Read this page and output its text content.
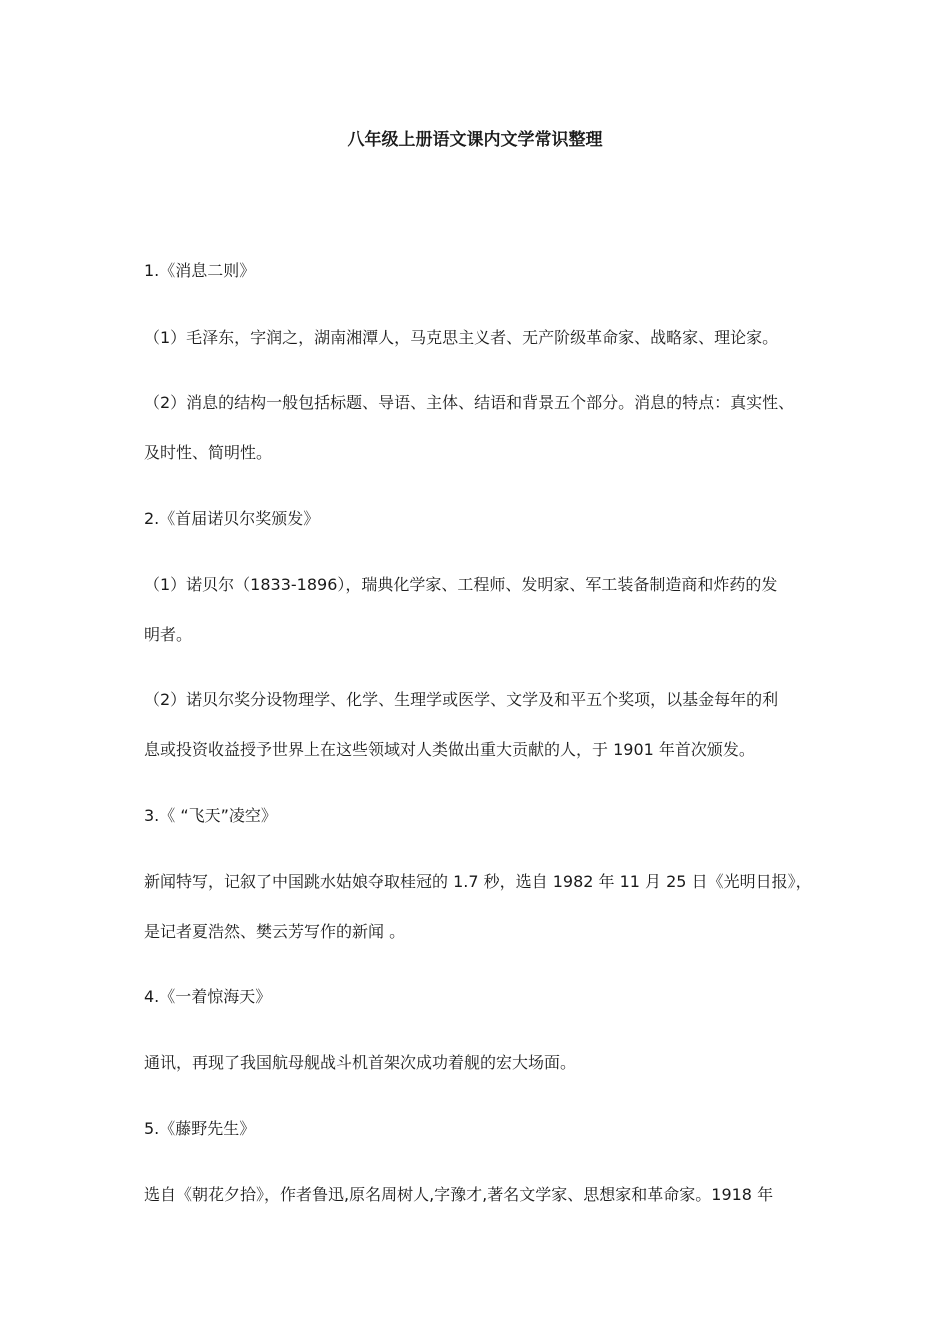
八年级上册语文课内文学常识整理
1.《消息二则》
（1）毛泽东，字润之，湖南湘潭人，马克思主义者、无产阶级革命家、战略家、理论家。
（2）消息的结构一般包括标题、导语、主体、结语和背景五个部分。消息的特点：真实性、
及时性、简明性。
2.《首届诺贝尔奖颁发》
（1）诺贝尔（1833-1896），瑞典化学家、工程师、发明家、军工装备制造商和炸药的发
明者。
（2）诺贝尔奖分设物理学、化学、生理学或医学、文学及和平五个奖项，以基金每年的利
息或投资收益授予世界上在这些领域对人类做出重大贡献的人，于 1901 年首次颁发。
3.《 “飞天”凌空》
新闻特写，记叙了中国跳水姑娘夺取桂冠的 1.7 秒，选自 1982 年 11 月 25 日《光明日报》，
是记者夏浩然、樊云芳写作的新闻 。
4.《一着惊海天》
通讯，再现了我国航母舰战斗机首架次成功着舰的宏大场面。
5.《藤野先生》
选自《朝花夕拾》，作者鲁迅,原名周树人,字豫才,著名文学家、思想家和革命家。1918 年
